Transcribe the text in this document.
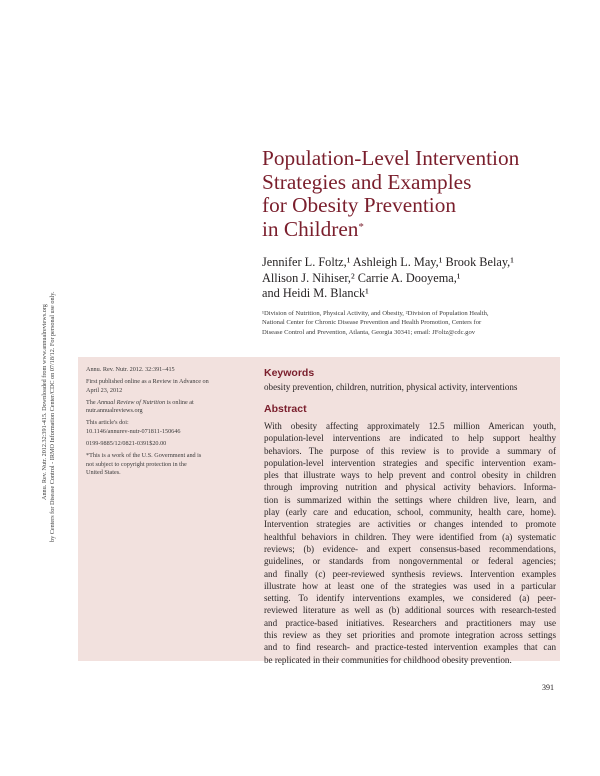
Annu. Rev. Nutr. 2012.32:391-415. Downloaded from www.annualreviews.org by Centers for Disease Control - IRMO Information Center/CDC on 07/18/12. For personal use only.
Population-Level Intervention
Strategies and Examples
for Obesity Prevention
in Children*
Jennifer L. Foltz,¹ Ashleigh L. May,¹ Brook Belay,¹
Allison J. Nihiser,² Carrie A. Dooyema,¹
and Heidi M. Blanck¹
¹Division of Nutrition, Physical Activity, and Obesity, ²Division of Population Health,
National Center for Chronic Disease Prevention and Health Promotion, Centers for
Disease Control and Prevention, Atlanta, Georgia 30341; email: JFoltz@cdc.gov

Annu. Rev. Nutr. 2012. 32:391–415

First published online as a Review in Advance on
April 23, 2012

The Annual Review of Nutrition is online at
nutr.annualreviews.org

This article's doi:
10.1146/annurev-nutr-071811-150646

0199-9885/12/0821-0391$20.00

*This is a work of the U.S. Government and is
not subject to copyright protection in the
United States.

Keywords
obesity prevention, children, nutrition, physical activity, interventions
Abstract
With obesity affecting approximately 12.5 million American youth,
population-level interventions are indicated to help support healthy
behaviors. The purpose of this review is to provide a summary of
population-level intervention strategies and specific intervention exam-
ples that illustrate ways to help prevent and control obesity in children
through improving nutrition and physical activity behaviors. Informa-
tion is summarized within the settings where children live, learn, and
play (early care and education, school, community, health care, home).
Intervention strategies are activities or changes intended to promote
healthful behaviors in children. They were identified from (a) systematic
reviews; (b) evidence- and expert consensus-based recommendations,
guidelines, or standards from nongovernmental or federal agencies;
and finally (c) peer-reviewed synthesis reviews. Intervention examples
illustrate how at least one of the strategies was used in a particular
setting. To identify interventions examples, we considered (a) peer-
reviewed literature as well as (b) additional sources with research-tested
and practice-based initiatives. Researchers and practitioners may use
this review as they set priorities and promote integration across settings
and to find research- and practice-tested intervention examples that can
be replicated in their communities for childhood obesity prevention.
391
